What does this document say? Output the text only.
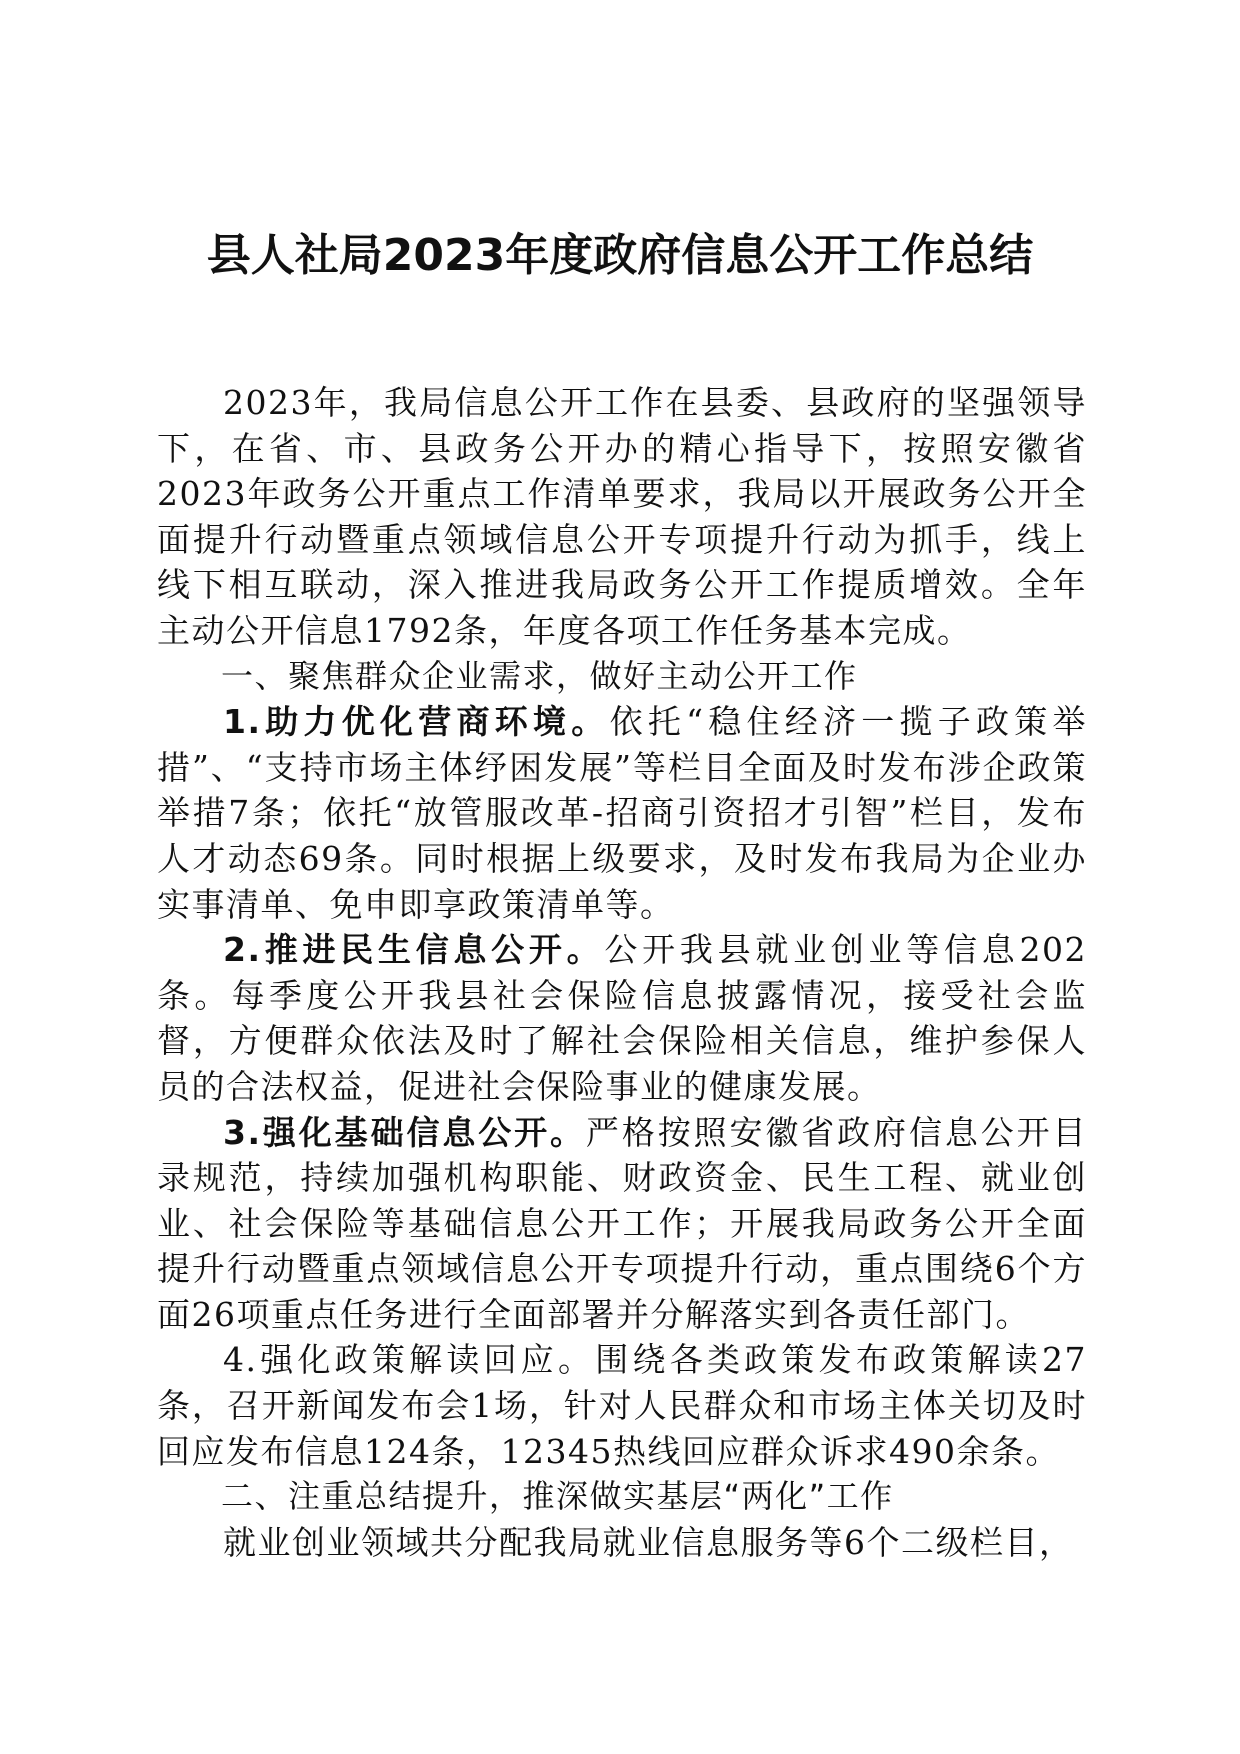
县人社局2023年度政府信息公开工作总结

2023年，我局信息公开工作在县委、县政府的坚强领导下，在省、市、县政务公开办的精心指导下，按照安徽省2023年政务公开重点工作清单要求，我局以开展政务公开全面提升行动暨重点领域信息公开专项提升行动为抓手，线上线下相互联动，深入推进我局政务公开工作提质增效。全年主动公开信息1792条，年度各项工作任务基本完成。

一、聚焦群众企业需求，做好主动公开工作

1.助力优化营商环境。依托“稳住经济一揽子政策举措”、“支持市场主体纾困发展”等栏目全面及时发布涉企政策举措7条；依托“放管服改革-招商引资招才引智”栏目，发布人才动态69条。同时根据上级要求，及时发布我局为企业办实事清单、免申即享政策清单等。

2.推进民生信息公开。公开我县就业创业等信息202条。每季度公开我县社会保险信息披露情况，接受社会监督，方便群众依法及时了解社会保险相关信息，维护参保人员的合法权益，促进社会保险事业的健康发展。

3.强化基础信息公开。严格按照安徽省政府信息公开目录规范，持续加强机构职能、财政资金、民生工程、就业创业、社会保险等基础信息公开工作；开展我局政务公开全面提升行动暨重点领域信息公开专项提升行动，重点围绕6个方面26项重点任务进行全面部署并分解落实到各责任部门。

4.强化政策解读回应。围绕各类政策发布政策解读27条，召开新闻发布会1场，针对人民群众和市场主体关切及时回应发布信息124条，12345热线回应群众诉求490余条。

二、注重总结提升，推深做实基层“两化”工作

就业创业领域共分配我局就业信息服务等6个二级栏目，
